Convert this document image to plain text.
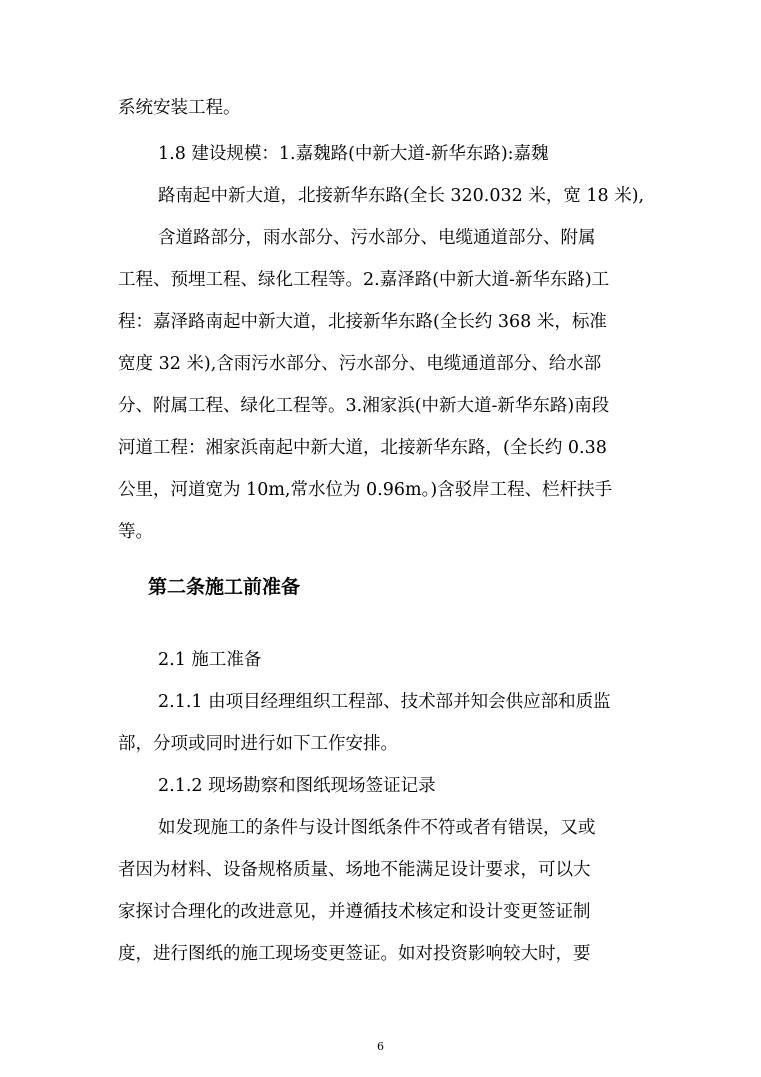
系统安装工程。

1.8 建设规模：1.嘉魏路(中新大道-新华东路):嘉魏

路南起中新大道，北接新华东路(全长 320.032 米，宽 18 米),

含道路部分，雨水部分、污水部分、电缆通道部分、附属

工程、预埋工程、绿化工程等。2.嘉泽路(中新大道-新华东路)工

程：嘉泽路南起中新大道，北接新华东路(全长约 368 米，标准

宽度 32 米),含雨污水部分、污水部分、电缆通道部分、给水部

分、附属工程、绿化工程等。3.湘家浜(中新大道-新华东路)南段

河道工程：湘家浜南起中新大道，北接新华东路，(全长约 0.38

公里，河道宽为 10m,常水位为 0.96m。)含驳岸工程、栏杆扶手

等。

第二条施工前准备

2.1 施工准备

2.1.1 由项目经理组织工程部、技术部并知会供应部和质监

部，分项或同时进行如下工作安排。

2.1.2 现场勘察和图纸现场签证记录

如发现施工的条件与设计图纸条件不符或者有错误，又或

者因为材料、设备规格质量、场地不能满足设计要求，可以大

家探讨合理化的改进意见，并遵循技术核定和设计变更签证制

度，进行图纸的施工现场变更签证。如对投资影响较大时，要

6
